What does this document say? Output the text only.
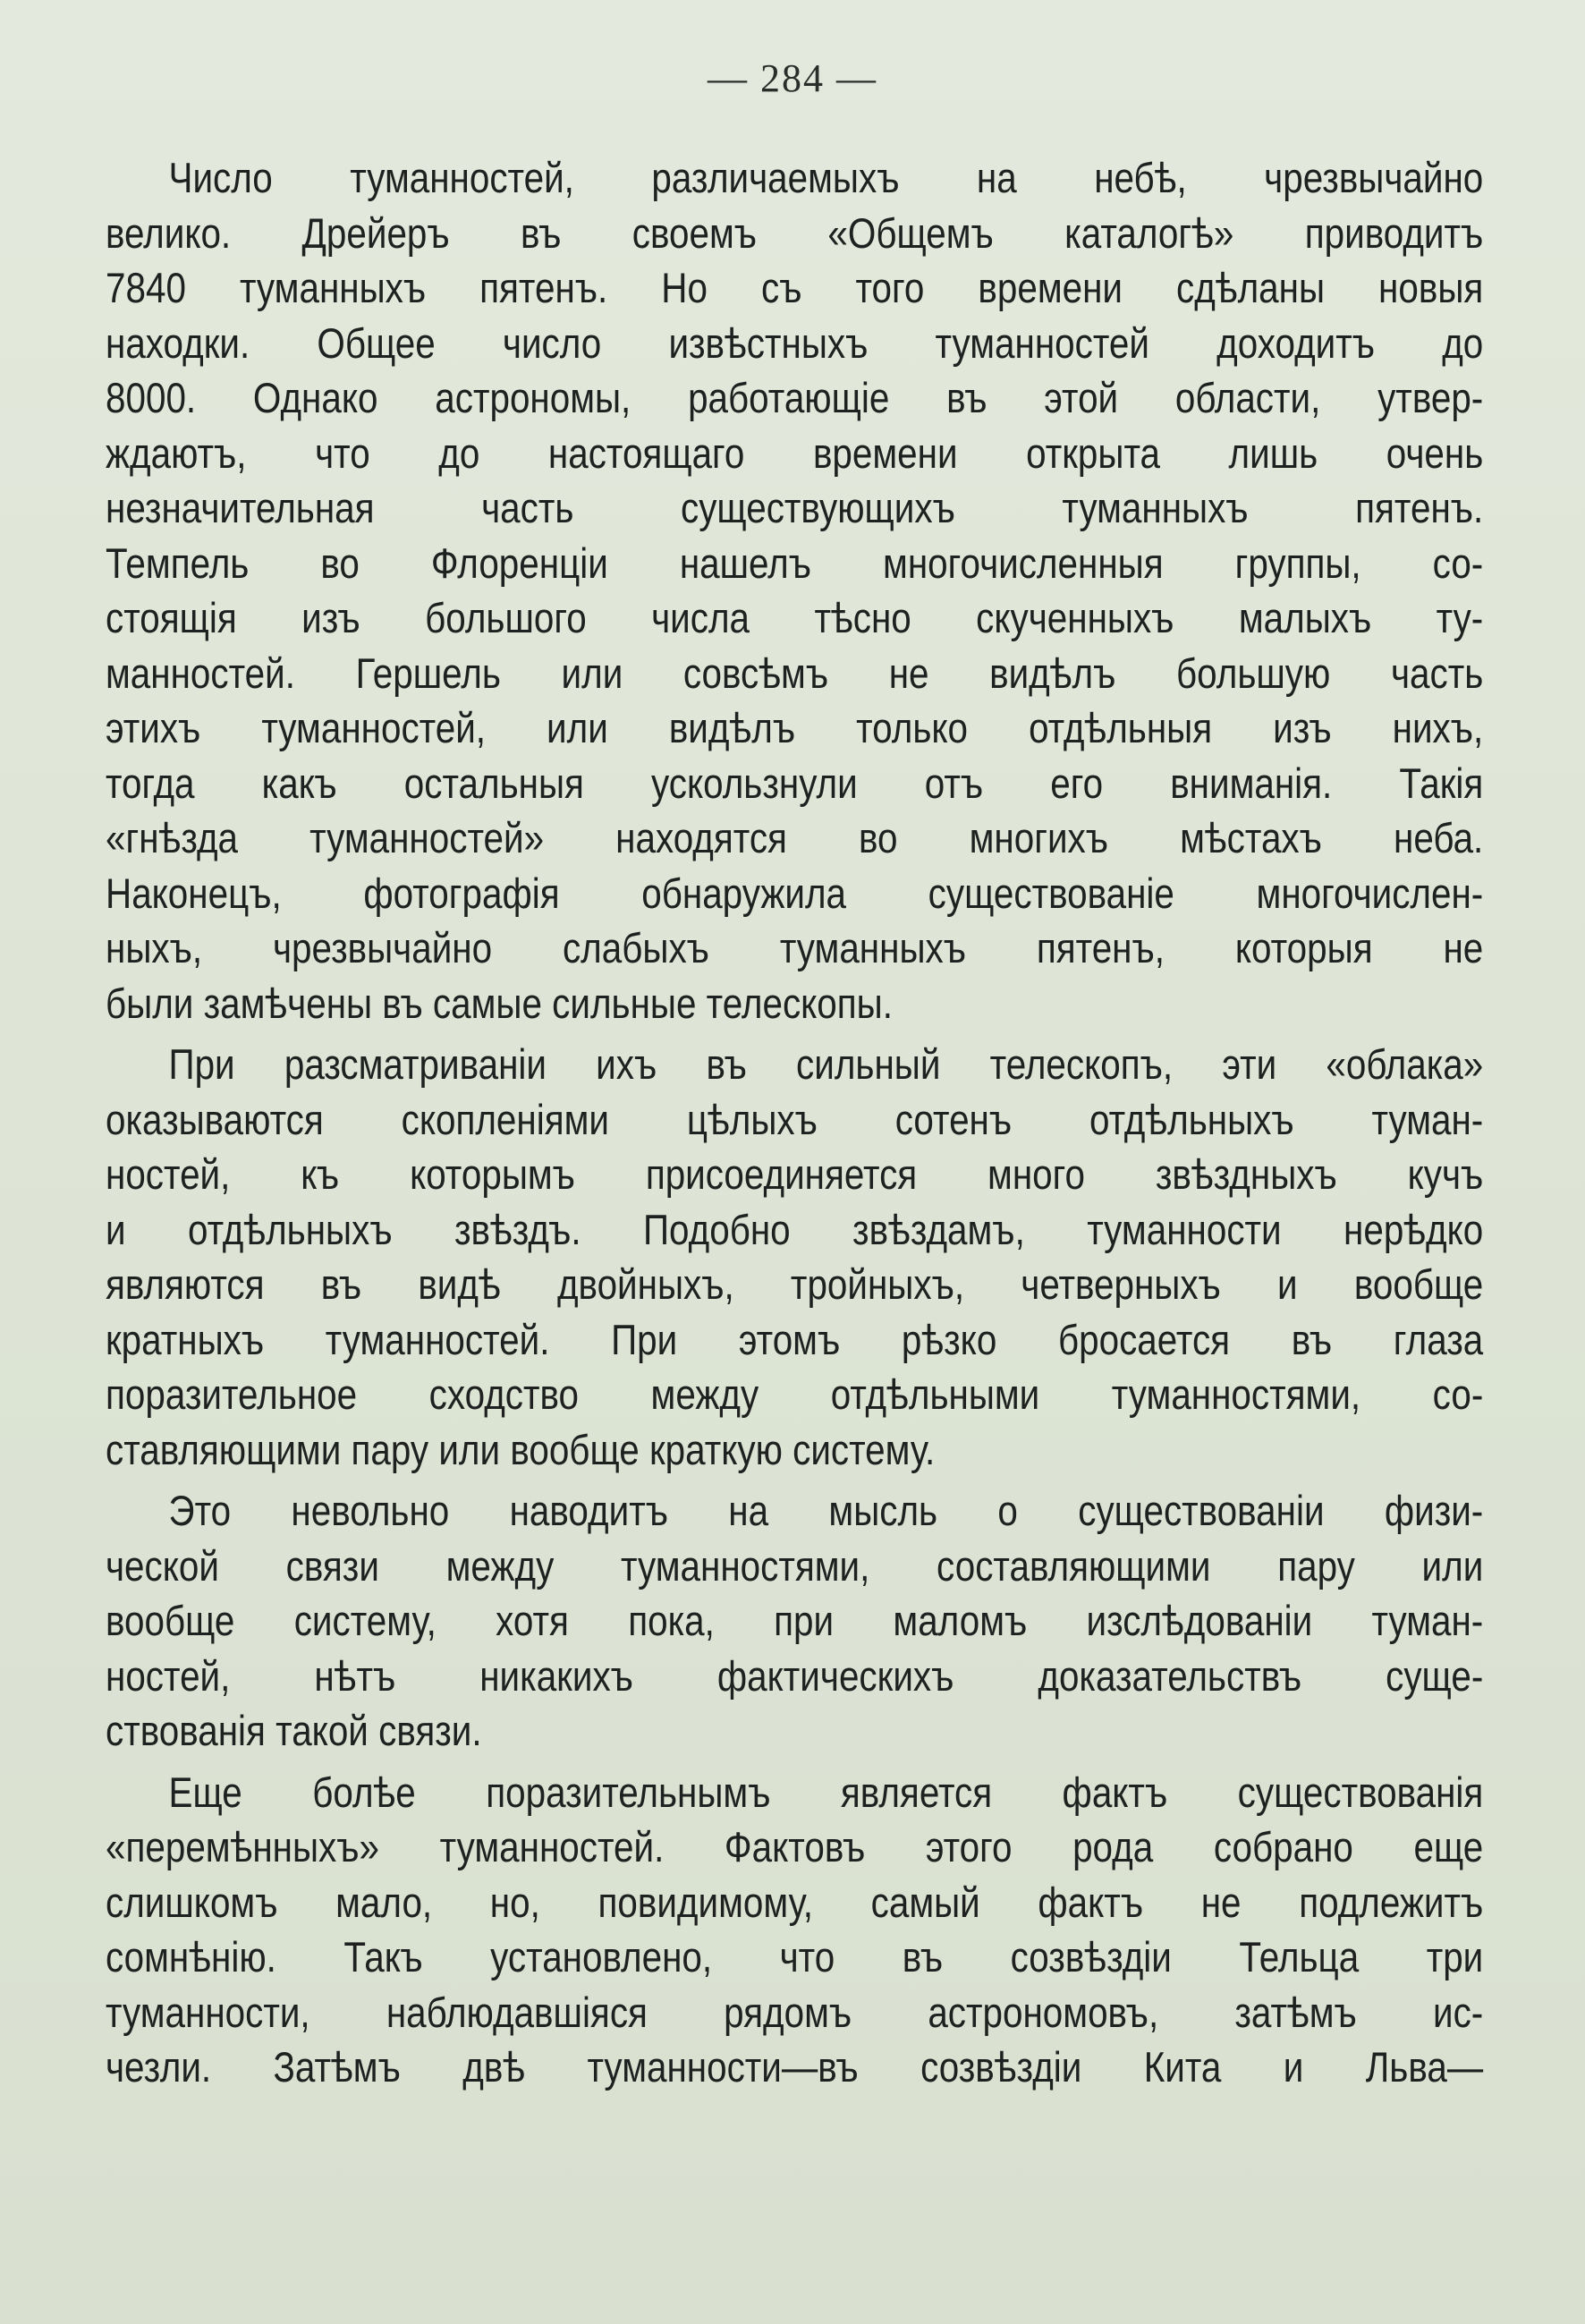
— 284 —
Число туманностей, различаемыхъ на небѣ, чрезвычайно
велико. Дрейеръ въ своемъ «Общемъ каталогѣ» приводитъ
7840 туманныхъ пятенъ. Но съ того времени сдѣланы новыя
находки. Общее число извѣстныхъ туманностей доходитъ до
8000. Однако астрономы, работающіе въ этой области, утвер-
ждаютъ, что до настоящаго времени открыта лишь очень
незначительная часть существующихъ туманныхъ пятенъ.
Темпель во Флоренціи нашелъ многочисленныя группы, со-
стоящія изъ большого числа тѣсно скученныхъ малыхъ ту-
манностей. Гершель или совсѣмъ не видѣлъ большую часть
этихъ туманностей, или видѣлъ только отдѣльныя изъ нихъ,
тогда какъ остальныя ускользнули отъ его вниманія. Такія
«гнѣзда туманностей» находятся во многихъ мѣстахъ неба.
Наконецъ, фотографія обнаружила существованіе многочислен-
ныхъ, чрезвычайно слабыхъ туманныхъ пятенъ, которыя не
были замѣчены въ самые сильные телескопы.
При разсматриваніи ихъ въ сильный телескопъ, эти «облака»
оказываются скопленіями цѣлыхъ сотенъ отдѣльныхъ туман-
ностей, къ которымъ присоединяется много звѣздныхъ кучъ
и отдѣльныхъ звѣздъ. Подобно звѣздамъ, туманности нерѣдко
являются въ видѣ двойныхъ, тройныхъ, четверныхъ и вообще
кратныхъ туманностей. При этомъ рѣзко бросается въ глаза
поразительное сходство между отдѣльными туманностями, со-
ставляющими пару или вообще краткую систему.
Это невольно наводитъ на мысль о существованіи физи-
ческой связи между туманностями, составляющими пару или
вообще систему, хотя пока, при маломъ изслѣдованіи туман-
ностей, нѣтъ никакихъ фактическихъ доказательствъ суще-
ствованія такой связи.
Еще болѣе поразительнымъ является фактъ существованія
«перемѣнныхъ» туманностей. Фактовъ этого рода собрано еще
слишкомъ мало, но, повидимому, самый фактъ не подлежитъ
сомнѣнію. Такъ установлено, что въ созвѣздіи Тельца три
туманности, наблюдавшіяся рядомъ астрономовъ, затѣмъ ис-
чезли. Затѣмъ двѣ туманности—въ созвѣздіи Кита и Льва—
